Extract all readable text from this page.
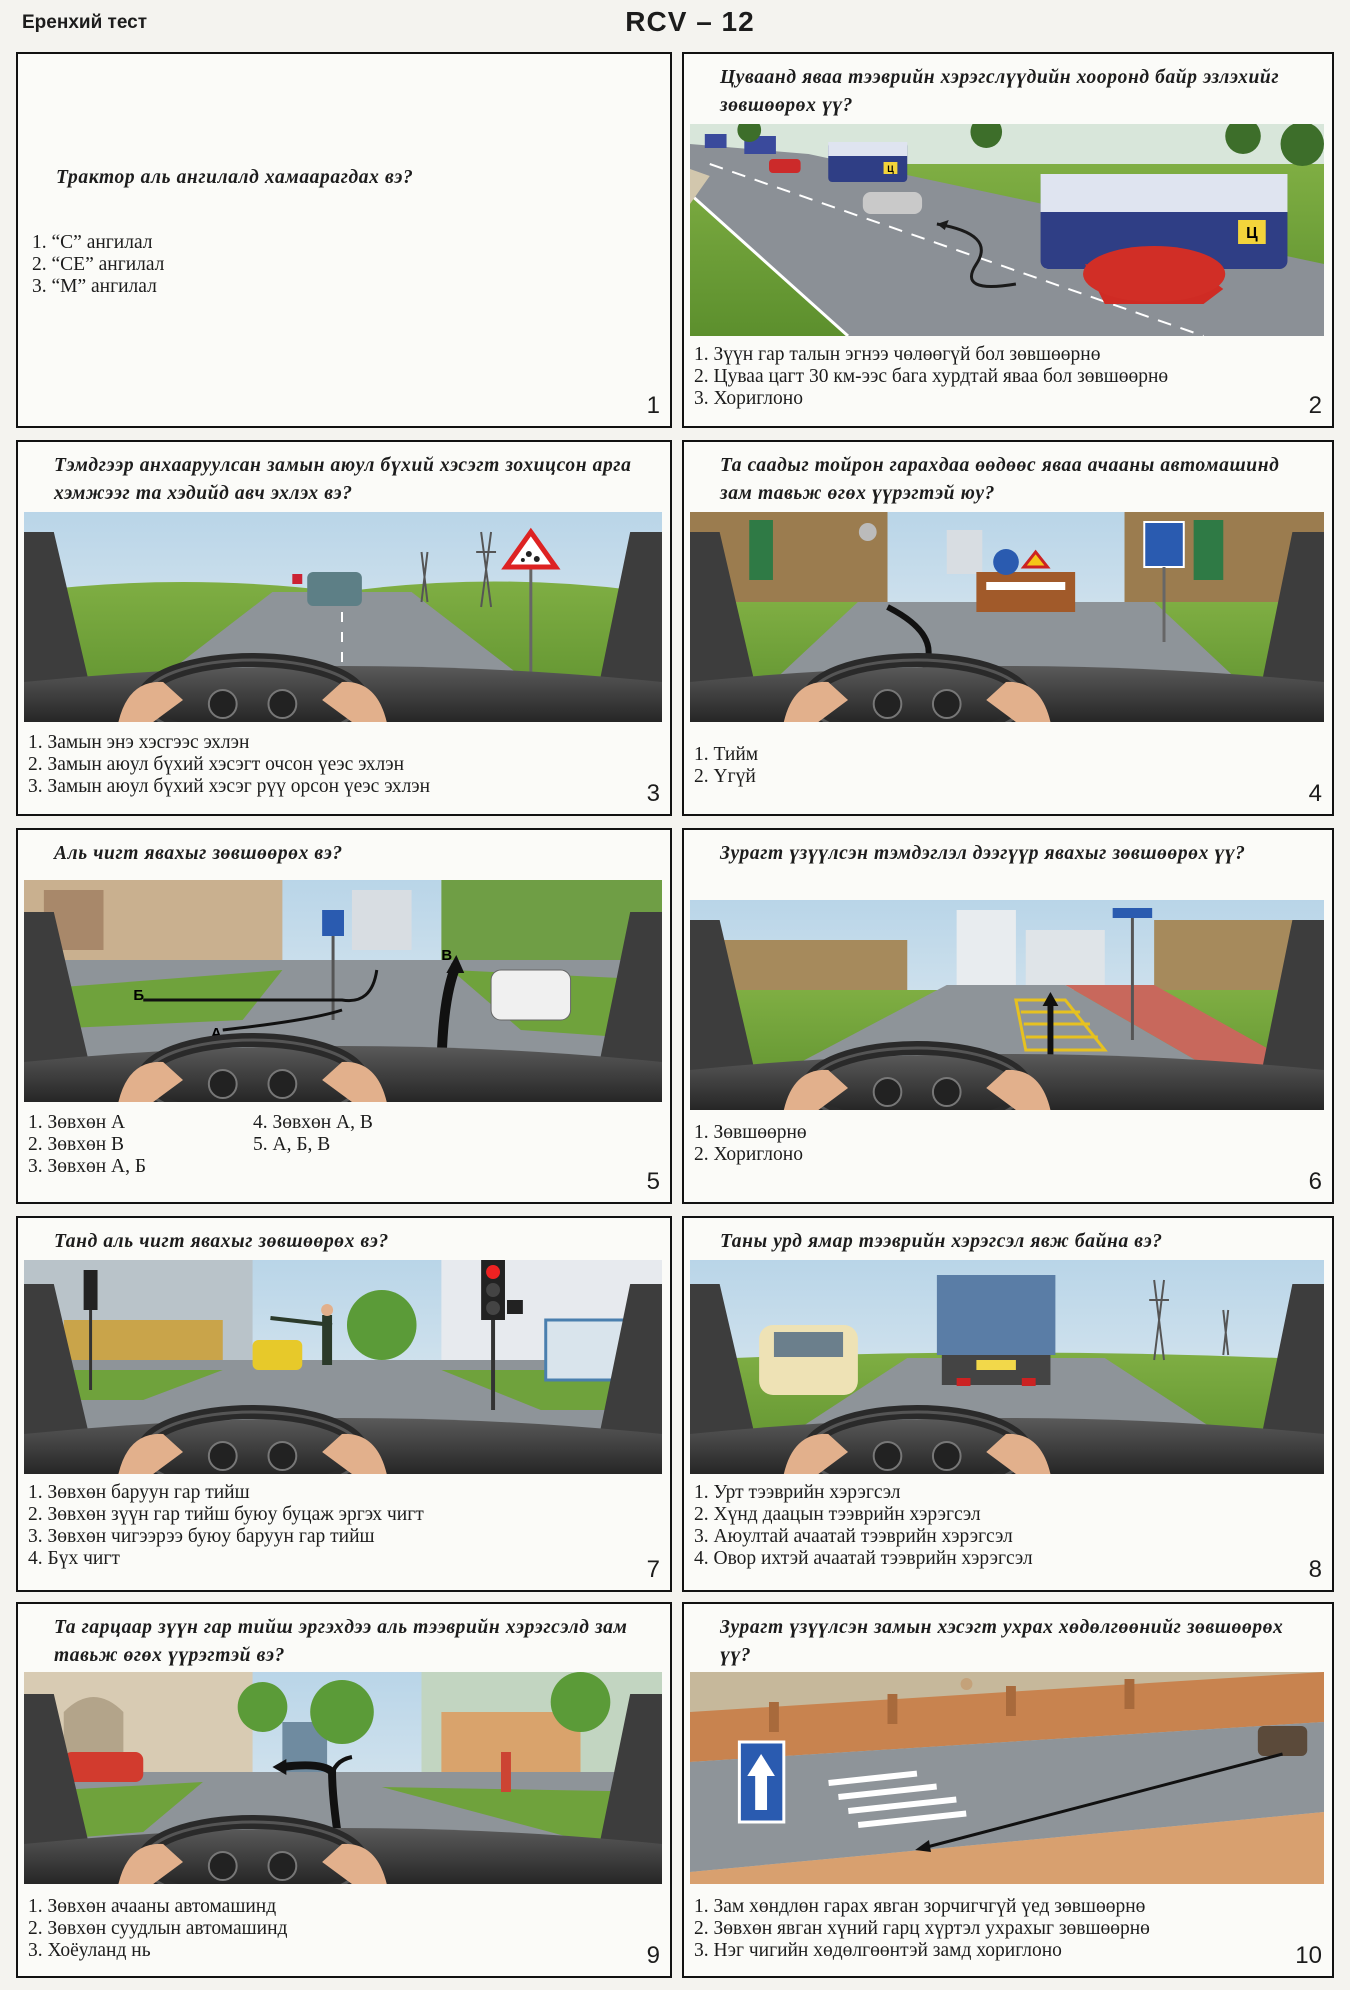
Еренхий тест	RCV – 12
Трактор аль ангилалд хамаарагдах вэ?
1. “С” ангилал
2. “СЕ” ангилал
3. “М” ангилал
1
Цуваанд яваа тээврийн хэрэгслүүдийн хооронд байр эзлэхийг зөвшөөрөх үү?
Ц
Ц
1. Зүүн гар талын эгнээ чөлөөгүй бол зөвшөөрнө
2. Цуваа цагт 30 км-ээс бага хурдтай яваа бол зөвшөөрнө
3. Хориглоно	2
Тэмдгээр анхааруулсан замын аюул бүхий хэсэгт зохицсон арга хэмжээг та хэдийд авч эхлэх вэ?
1. Замын энэ хэсгээс эхлэн
2. Замын аюул бүхий хэсэгт очсон үеэс эхлэн
3. Замын аюул бүхий хэсэг рүү орсон үеэс эхлэн	3
Та саадыг тойрон гарахдаа өөдөөс яваа ачааны автомашинд зам тавьж өгөх үүрэгтэй юу?
1. Тийм
2. Үгүй
4
Аль чигт явахыг зөвшөөрөх вэ?
А
Б
В
1. Зөвхөн А
2. Зөвхөн В
3. Зөвхөн А, Б
4. Зөвхөн А, В
5. А, Б, В
5
Зурагт үзүүлсэн тэмдэглэл дээгүүр явахыг зөвшөөрөх үү?
1. Зөвшөөрнө
2. Хориглоно
6
Танд аль чигт явахыг зөвшөөрөх вэ?
1. Зөвхөн баруун гар тийш
2. Зөвхөн зүүн гар тийш буюу буцаж эргэх чигт
3. Зөвхөн чигээрээ буюу баруун гар тийш
4. Бүх чигт	7
Таны урд ямар тээврийн хэрэгсэл явж байна вэ?
1. Урт тээврийн хэрэгсэл
2. Хүнд даацын тээврийн хэрэгсэл
3. Аюултай ачаатай тээврийн хэрэгсэл
4. Овор ихтэй ачаатай тээврийн хэрэгсэл	8
Та гарцаар зүүн гар тийш эргэхдээ аль тээврийн хэрэгсэлд зам тавьж өгөх үүрэгтэй вэ?
1. Зөвхөн ачааны автомашинд
2. Зөвхөн суудлын автомашинд
3. Хоёуланд нь	9
Зурагт үзүүлсэн замын хэсэгт ухрах хөдөлгөөнийг зөвшөөрөх үү?
1. Зам хөндлөн гарах явган зорчигчгүй үед зөвшөөрнө
2. Зөвхөн явган хүний гарц хүртэл ухрахыг зөвшөөрнө
3. Нэг чигийн хөдөлгөөнтэй замд хориглоно	10
